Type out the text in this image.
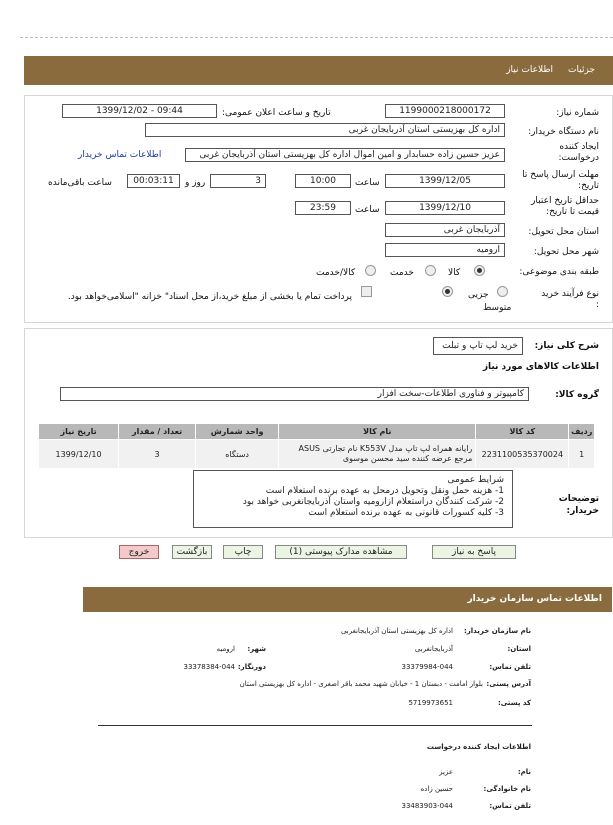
جزئیات
اطلاعات نیاز
شماره نیاز:
1199000218000172
تاریخ و ساعت اعلان عمومی:
1399/12/02 - 09:44
نام دستگاه خریدار:
اداره کل بهزیستی استان آذربایجان غربی
ایجاد کننده درخواست:
عزیز حسین زاده حسابدار و امین اموال اداره کل بهزیستی استان آذربایجان غربی
اطلاعات تماس خریدار
مهلت ارسال پاسخ تا تاریخ:
1399/12/05
ساعت
10:00
3
روز و
00:03:11
ساعت باقی‌مانده
حداقل تاریخ اعتبار قیمت تا تاریخ:
1399/12/10
ساعت
23:59
استان محل تحویل:
آذربایجان غربی
شهر محل تحویل:
ارومیه
طبقه بندی موضوعی:
کالا
خدمت
کالا/خدمت
نوع فرآیند خرید :
جزیی
متوسط
پرداخت تمام یا بخشی از مبلغ خرید،از محل اسناد" خزانه "اسلامی‌خواهد بود.
شرح کلی نیاز:
خرید لپ تاپ و تبلت
اطلاعات کالاهای مورد نیاز
گروه کالا:
کامپیوتر و فناوری اطلاعات-سخت افزار
ردیف	کد کالا	نام کالا	واحد شمارش	تعداد / مقدار	تاریخ نیاز
1	2231100535370024	رایانه همراه لپ تاپ مدل K553V نام تجارتی ASUS مرجع عرضه کننده سید محسن موسوی	دستگاه	3	1399/12/10
توضیحات خریدار:
شرایط عمومی
1- هزینه حمل ونقل وتحویل درمحل به عهده برنده استعلام است
2- شرکت کنندگان دراستعلام ازارومیه واستان آذربایجانغربی خواهد بود
3- کلیه کسورات قانونی به عهده برنده استعلام است
پاسخ به نیاز
مشاهده مدارک پیوستی (1)
چاپ
بازگشت
خروج
اطلاعات تماس سازمان خریدار
نام سازمان خریدار:
اداره کل بهزیستی استان آذربایجانغربی
استان:
آذربایجانغربی
شهر:
ارومیه
تلفن تماس:
33379984-044
دورنگار:
33378384-044
آدرس پستی:
بلوار امامت - دبستان 1 - خیابان شهید محمد باقر اصغری - اداره کل بهزیستی استان
کد پستی:
5719973651
اطلاعات ایجاد کننده درخواست
نام:
عزیز
نام خانوادگی:
حسین زاده
تلفن تماس:
33483903-044
